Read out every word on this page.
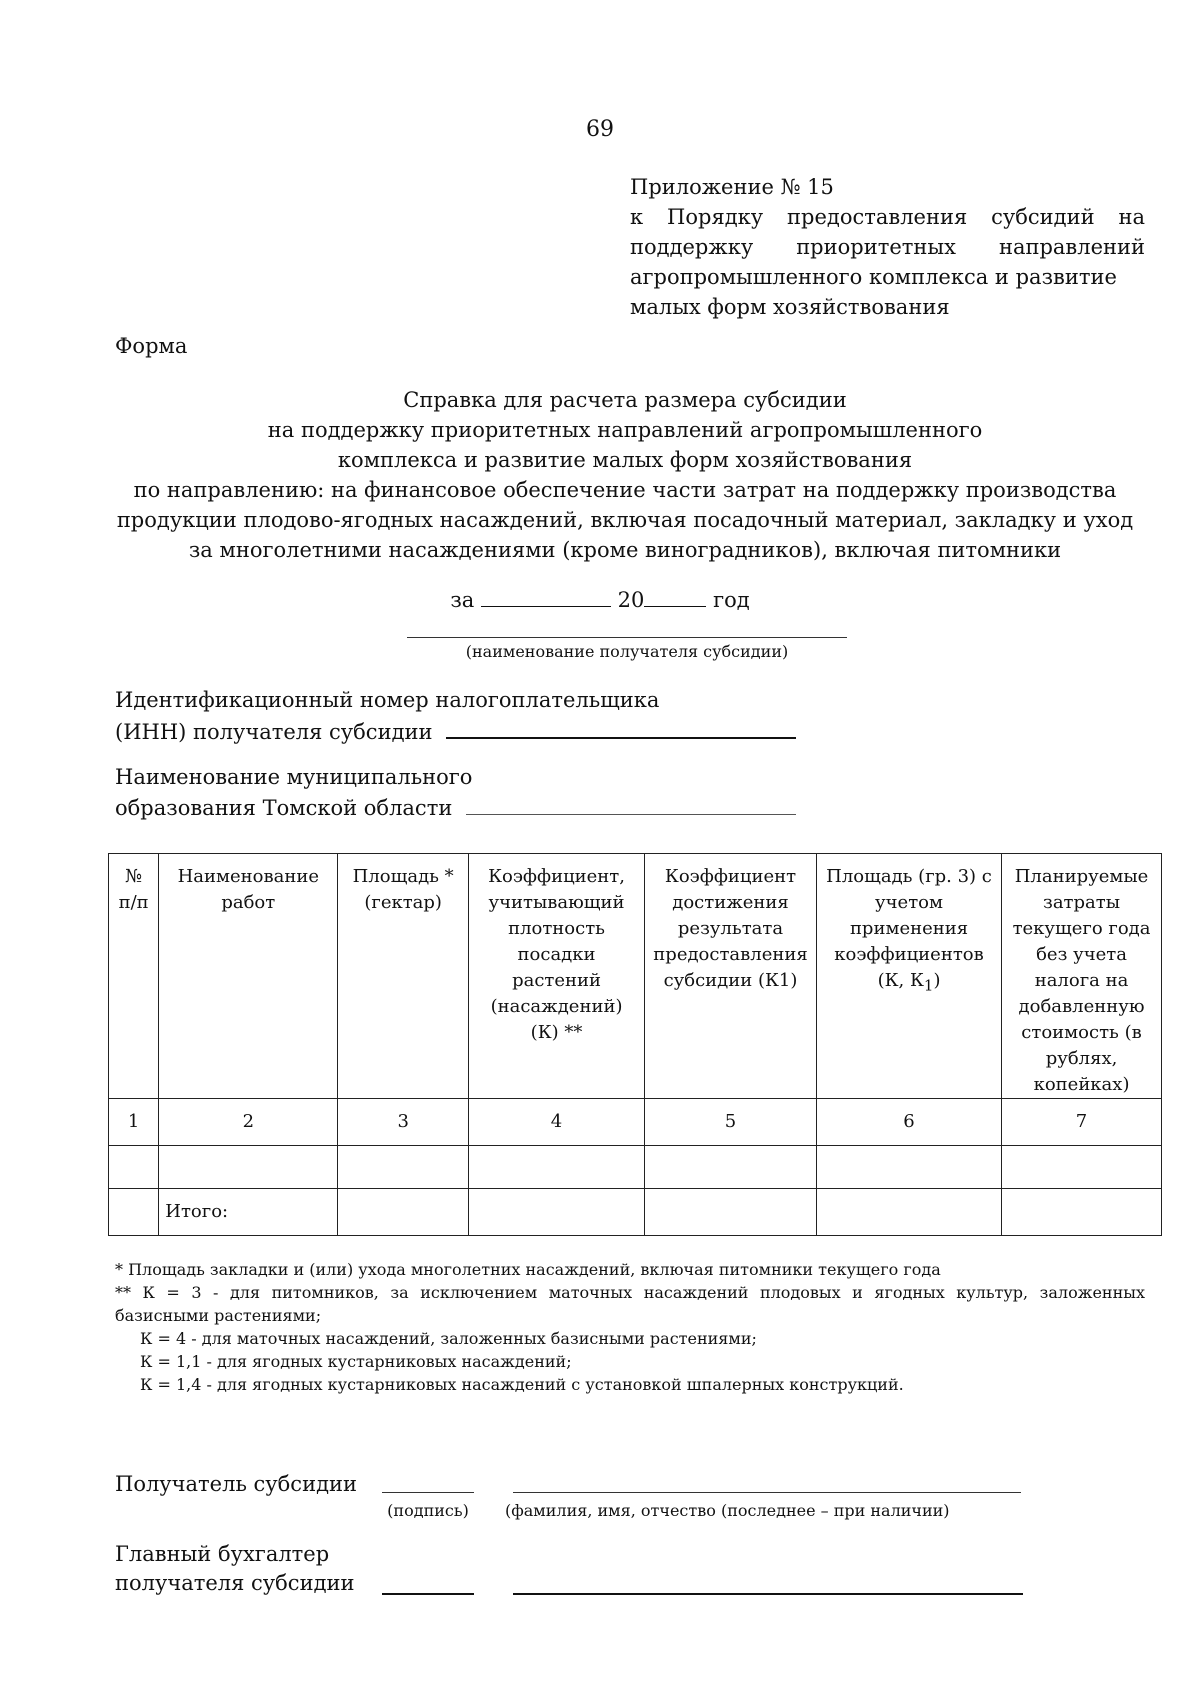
69
Приложение № 15
к Порядку предоставления субсидий на поддержку приоритетных направлений агропромышленного комплекса и развитие
малых форм хозяйствования
Форма
Справка для расчета размера субсидии
на поддержку приоритетных направлений агропромышленного
комплекса и развитие малых форм хозяйствования
по направлению: на финансовое обеспечение части затрат на поддержку производства
продукции плодово-ягодных насаждений, включая посадочный материал, закладку и уход
за многолетними насаждениями (кроме виноградников), включая питомники
за	20	год
(наименование получателя субсидии)
Идентификационный номер налогоплательщика
(ИНН) получателя субсидии
Наименование муниципального
образования Томской области
№ п/п	Наименование работ	Площадь * (гектар)	Коэффициент, учитывающий плотность посадки растений (насаждений) (К) **	Коэффициент достижения результата предоставления субсидии (К1)	Площадь (гр. 3) с учетом применения коэффициентов (К, $К_1$)	Планируемые затраты текущего года без учета налога на добавленную стоимость (в рублях, копейках)
1	2	3	4	5	6	7

	Итого:					
* Площадь закладки и (или) ухода многолетних насаждений, включая питомники текущего года
** К = 3 - для питомников, за исключением маточных насаждений плодовых и ягодных культур, заложенных базисными растениями;
К = 4 - для маточных насаждений, заложенных базисными растениями;
К = 1,1 - для ягодных кустарниковых насаждений;
К = 1,4 - для ягодных кустарниковых насаждений с установкой шпалерных конструкций.
Получатель субсидии
(подпись)	(фамилия, имя, отчество (последнее – при наличии)
Главный бухгалтер
получателя субсидии
